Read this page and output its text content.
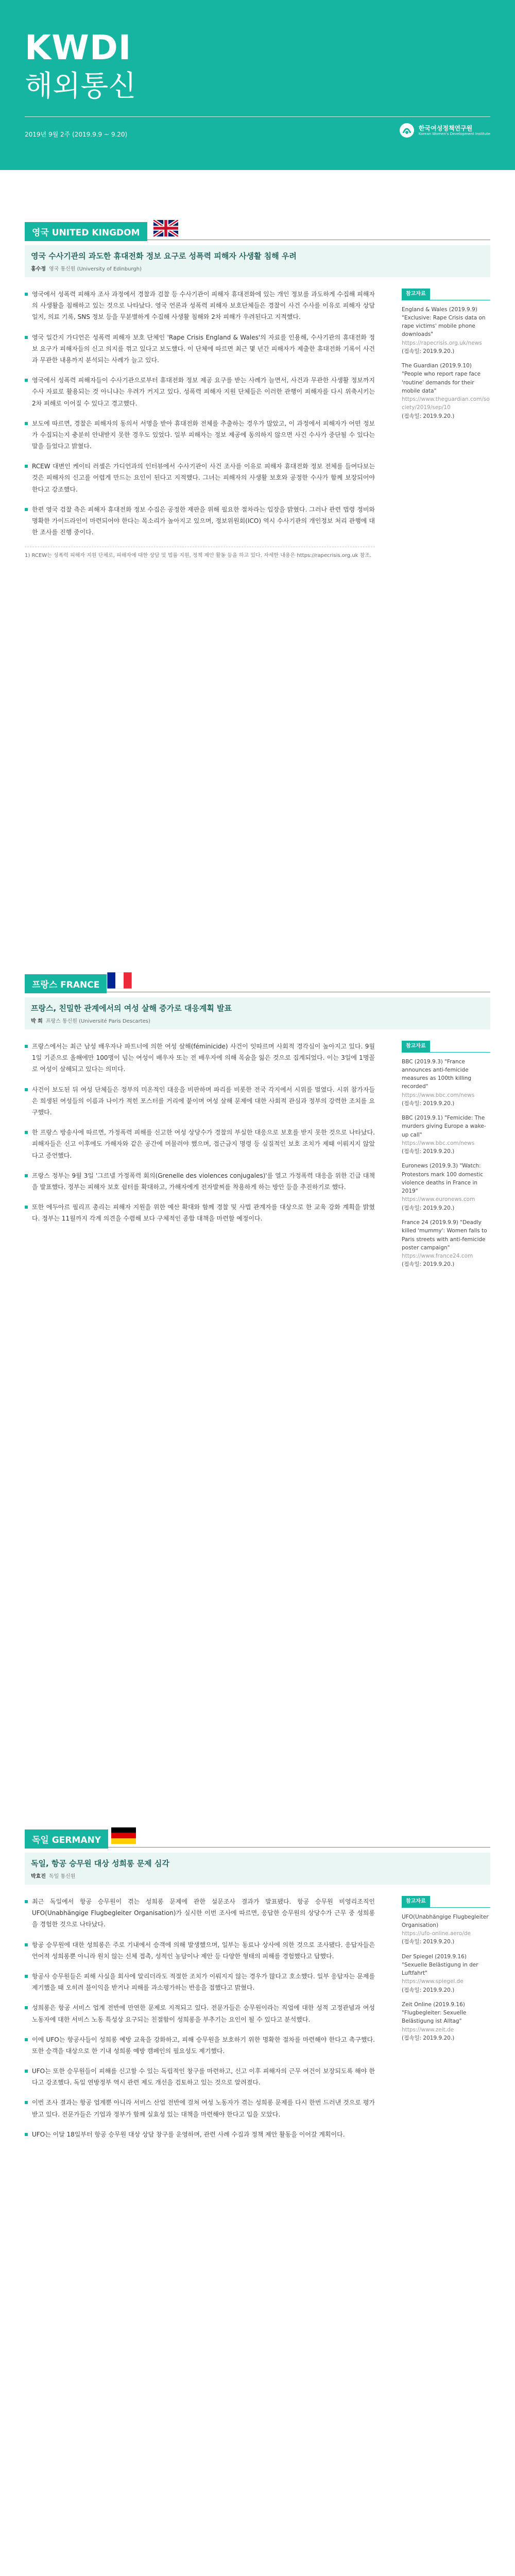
KWDI
해외통신
2019년 9월 2주 (2019.9.9 ~ 9.20)
한국여성정책연구원
Korean Women's Development Institute
영국 UNITED KINGDOM
영국 수사기관의 과도한 휴대전화 정보 요구로 성폭력 피해자 사생활 침해 우려
홍수정 영국 통신원 (University of Edinburgh)

영국에서 성폭력 피해자 조사 과정에서 경찰과 검찰 등 수사기관이 피해자 휴대전화에 있는 개인 정보를 과도하게 수집해 피해자의 사생활을 침해하고 있는 것으로 나타났다. 영국 언론과 성폭력 피해자 보호단체들은 경찰이 사건 수사를 이유로 피해자 상담 일지, 의료 기록, SNS 정보 등을 무분별하게 수집해 사생활 침해와 2차 피해가 우려된다고 지적했다.

영국 일간지 가디언은 성폭력 피해자 보호 단체인 'Rape Crisis England & Wales'의 자료를 인용해, 수사기관의 휴대전화 정보 요구가 피해자들의 신고 의지를 꺾고 있다고 보도했다. 이 단체에 따르면 최근 몇 년간 피해자가 제출한 휴대전화 기록이 사건과 무관한 내용까지 분석되는 사례가 늘고 있다.

영국에서 성폭력 피해자들이 수사기관으로부터 휴대전화 정보 제공 요구를 받는 사례가 늘면서, 사건과 무관한 사생활 정보까지 수사 자료로 활용되는 것 아니냐는 우려가 커지고 있다. 성폭력 피해자 지원 단체들은 이러한 관행이 피해자를 다시 위축시키는 2차 피해로 이어질 수 있다고 경고했다.

보도에 따르면, 경찰은 피해자의 동의서 서명을 받아 휴대전화 전체를 추출하는 경우가 많았고, 이 과정에서 피해자가 어떤 정보가 수집되는지 충분히 안내받지 못한 경우도 있었다. 일부 피해자는 정보 제공에 동의하지 않으면 사건 수사가 중단될 수 있다는 말을 들었다고 밝혔다.

RCEW 대변인 케이티 러셀은 가디언과의 인터뷰에서 수사기관이 사건 조사를 이유로 피해자 휴대전화 정보 전체를 들여다보는 것은 피해자의 신고를 어렵게 만드는 요인이 된다고 지적했다. 그녀는 피해자의 사생활 보호와 공정한 수사가 함께 보장되어야 한다고 강조했다.

한편 영국 검찰 측은 피해자 휴대전화 정보 수집은 공정한 재판을 위해 필요한 절차라는 입장을 밝혔다. 그러나 관련 법령 정비와 명확한 가이드라인이 마련되어야 한다는 목소리가 높아지고 있으며, 정보위원회(ICO) 역시 수사기관의 개인정보 처리 관행에 대한 조사를 진행 중이다.

1) RCEW는 성폭력 피해자 지원 단체로, 피해자에 대한 상담 및 법률 지원, 정책 제안 활동 등을 하고 있다. 자세한 내용은 https://rapecrisis.org.uk 참조.
참고자료
England & Wales (2019.9.9) "Exclusive: Rape Crisis data on rape victims' mobile phone downloads"
https://rapecrisis.org.uk/news
(접속일: 2019.9.20.)
The Guardian (2019.9.10) "People who report rape face 'routine' demands for their mobile data"
https://www.theguardian.com/society/2019/sep/10
(접속일: 2019.9.20.)
프랑스 FRANCE
프랑스, 친밀한 관계에서의 여성 살해 증가로 대응계획 발표
박 희 프랑스 통신원 (Université Paris Descartes)

프랑스에서는 최근 남성 배우자나 파트너에 의한 여성 살해(féminicide) 사건이 잇따르며 사회적 경각심이 높아지고 있다. 9월 1일 기준으로 올해에만 100명이 넘는 여성이 배우자 또는 전 배우자에 의해 목숨을 잃은 것으로 집계되었다. 이는 3일에 1명꼴로 여성이 살해되고 있다는 의미다.

사건이 보도된 뒤 여성 단체들은 정부의 미온적인 대응을 비판하며 파리를 비롯한 전국 각지에서 시위를 벌였다. 시위 참가자들은 희생된 여성들의 이름과 나이가 적힌 포스터를 거리에 붙이며 여성 살해 문제에 대한 사회적 관심과 정부의 강력한 조치를 요구했다.

한 프랑스 방송사에 따르면, 가정폭력 피해를 신고한 여성 상당수가 경찰의 부실한 대응으로 보호를 받지 못한 것으로 나타났다. 피해자들은 신고 이후에도 가해자와 같은 공간에 머물러야 했으며, 접근금지 명령 등 실질적인 보호 조치가 제때 이뤄지지 않았다고 증언했다.

프랑스 정부는 9월 3일 '그르넬 가정폭력 회의(Grenelle des violences conjugales)'를 열고 가정폭력 대응을 위한 긴급 대책을 발표했다. 정부는 피해자 보호 쉼터를 확대하고, 가해자에게 전자발찌를 착용하게 하는 방안 등을 추진하기로 했다.

또한 에두아르 필리프 총리는 피해자 지원을 위한 예산 확대와 함께 경찰 및 사법 관계자를 대상으로 한 교육 강화 계획을 밝혔다. 정부는 11월까지 각계 의견을 수렴해 보다 구체적인 종합 대책을 마련할 예정이다.

참고자료
BBC (2019.9.3) "France announces anti-femicide measures as 100th killing recorded"
https://www.bbc.com/news
(접속일: 2019.9.20.)
BBC (2019.9.1) "Femicide: The murders giving Europe a wake-up call"
https://www.bbc.com/news
(접속일: 2019.9.20.)
Euronews (2019.9.3) "Watch: Protestors mark 100 domestic violence deaths in France in 2019"
https://www.euronews.com
(접속일: 2019.9.20.)
France 24 (2019.9.9) "Deadly killed 'mummy': Women falls to Paris streets with anti-femicide poster campaign"
https://www.france24.com
(접속일: 2019.9.20.)
독일 GERMANY
독일, 항공 승무원 대상 성희롱 문제 심각
박효진 독일 통신원

최근 독일에서 항공 승무원이 겪는 성희롱 문제에 관한 설문조사 결과가 발표됐다. 항공 승무원 비영리조직인 UFO(Unabhängige Flugbegleiter Organisation)가 실시한 이번 조사에 따르면, 응답한 승무원의 상당수가 근무 중 성희롱을 경험한 것으로 나타났다.

항공 승무원에 대한 성희롱은 주로 기내에서 승객에 의해 발생했으며, 일부는 동료나 상사에 의한 것으로 조사됐다. 응답자들은 언어적 성희롱뿐 아니라 원치 않는 신체 접촉, 성적인 농담이나 제안 등 다양한 형태의 피해를 경험했다고 답했다.

항공사 승무원들은 피해 사실을 회사에 알리더라도 적절한 조치가 이뤄지지 않는 경우가 많다고 호소했다. 일부 응답자는 문제를 제기했을 때 오히려 불이익을 받거나 피해를 과소평가하는 반응을 접했다고 밝혔다.

성희롱은 항공 서비스 업계 전반에 만연한 문제로 지적되고 있다. 전문가들은 승무원이라는 직업에 대한 성적 고정관념과 여성 노동자에 대한 서비스 노동 특성상 요구되는 친절함이 성희롱을 부추기는 요인이 될 수 있다고 분석했다.

이에 UFO는 항공사들이 성희롱 예방 교육을 강화하고, 피해 승무원을 보호하기 위한 명확한 절차를 마련해야 한다고 촉구했다. 또한 승객을 대상으로 한 기내 성희롱 예방 캠페인의 필요성도 제기했다.

UFO는 또한 승무원들이 피해를 신고할 수 있는 독립적인 창구를 마련하고, 신고 이후 피해자의 근무 여건이 보장되도록 해야 한다고 강조했다. 독일 연방정부 역시 관련 제도 개선을 검토하고 있는 것으로 알려졌다.

이번 조사 결과는 항공 업계뿐 아니라 서비스 산업 전반에 걸쳐 여성 노동자가 겪는 성희롱 문제를 다시 한번 드러낸 것으로 평가받고 있다. 전문가들은 기업과 정부가 함께 실효성 있는 대책을 마련해야 한다고 입을 모았다.

UFO는 이달 18일부터 항공 승무원 대상 상담 창구를 운영하며, 관련 사례 수집과 정책 제안 활동을 이어갈 계획이다.

참고자료
UFO(Unabhängige Flugbegleiter Organisation)
https://ufo-online.aero/de
(접속일: 2019.9.20.)
Der Spiegel (2019.9.16) "Sexuelle Belästigung in der Luftfahrt"
https://www.spiegel.de
(접속일: 2019.9.20.)
Zeit Online (2019.9.16) "Flugbegleiter: Sexuelle Belästigung ist Alltag"
https://www.zeit.de
(접속일: 2019.9.20.)
